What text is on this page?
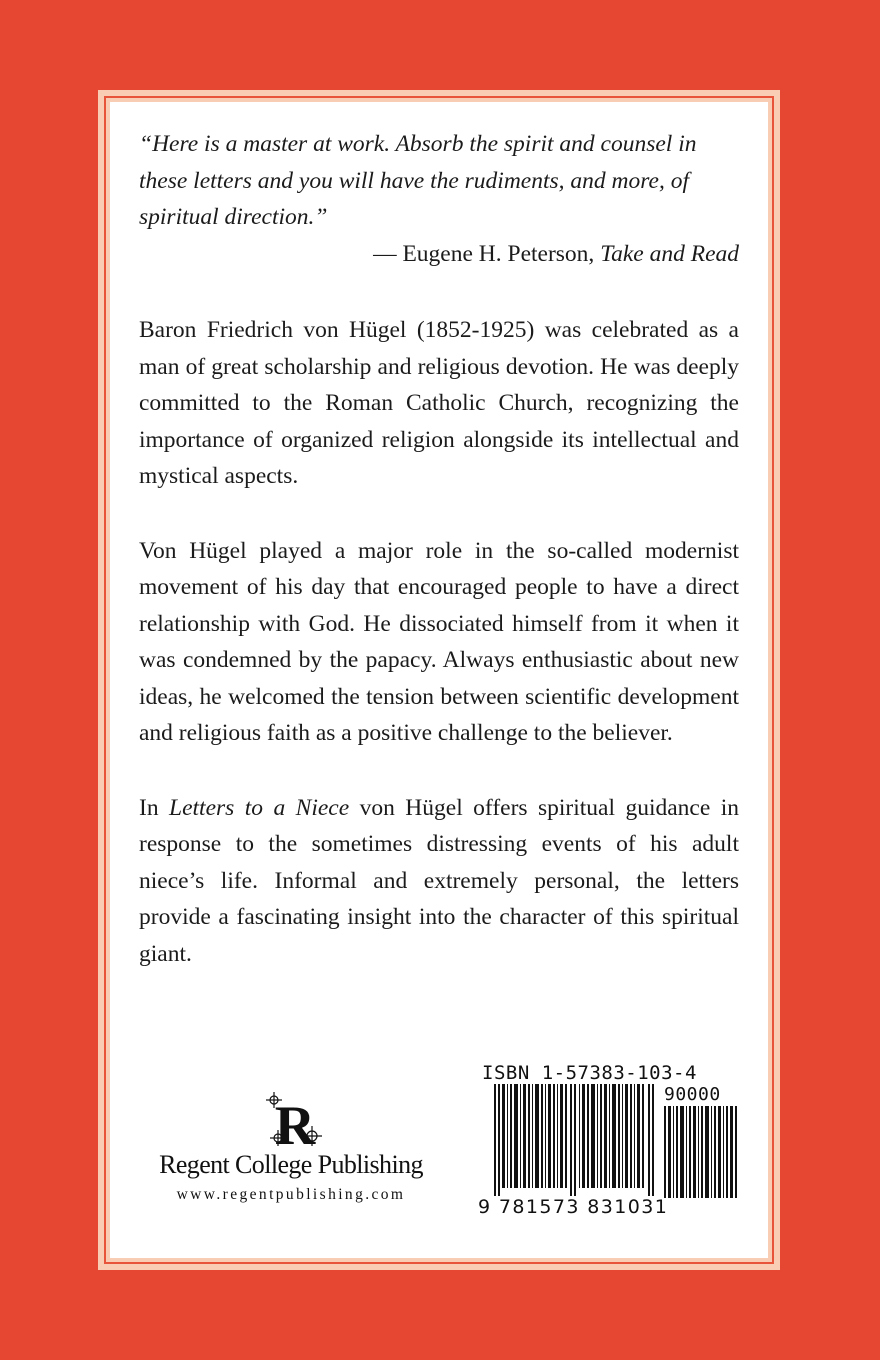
“Here is a master at work. Absorb the spirit and counsel in these letters and you will have the rudiments, and more, of spiritual direction.”

— Eugene H. Peterson, Take and Read

Baron Friedrich von Hügel (1852-1925) was celebrated as a man of great scholarship and religious devotion. He was deeply committed to the Roman Catholic Church, recognizing the importance of organized religion alongside its intellectual and mystical aspects.

Von Hügel played a major role in the so-called modernist movement of his day that encouraged people to have a direct relationship with God. He dissociated himself from it when it was condemned by the papacy. Always enthusiastic about new ideas, he welcomed the tension between scientific development and religious faith as a positive challenge to the believer.

In Letters to a Niece von Hügel offers spiritual guidance in response to the sometimes distressing events of his adult niece’s life. Informal and extremely personal, the letters provide a fascinating insight into the character of this spiritual giant.

R
Regent College Publishing
www.regentpublishing.com
ISBN 1-57383-103-4
90000
9 781573 831031
